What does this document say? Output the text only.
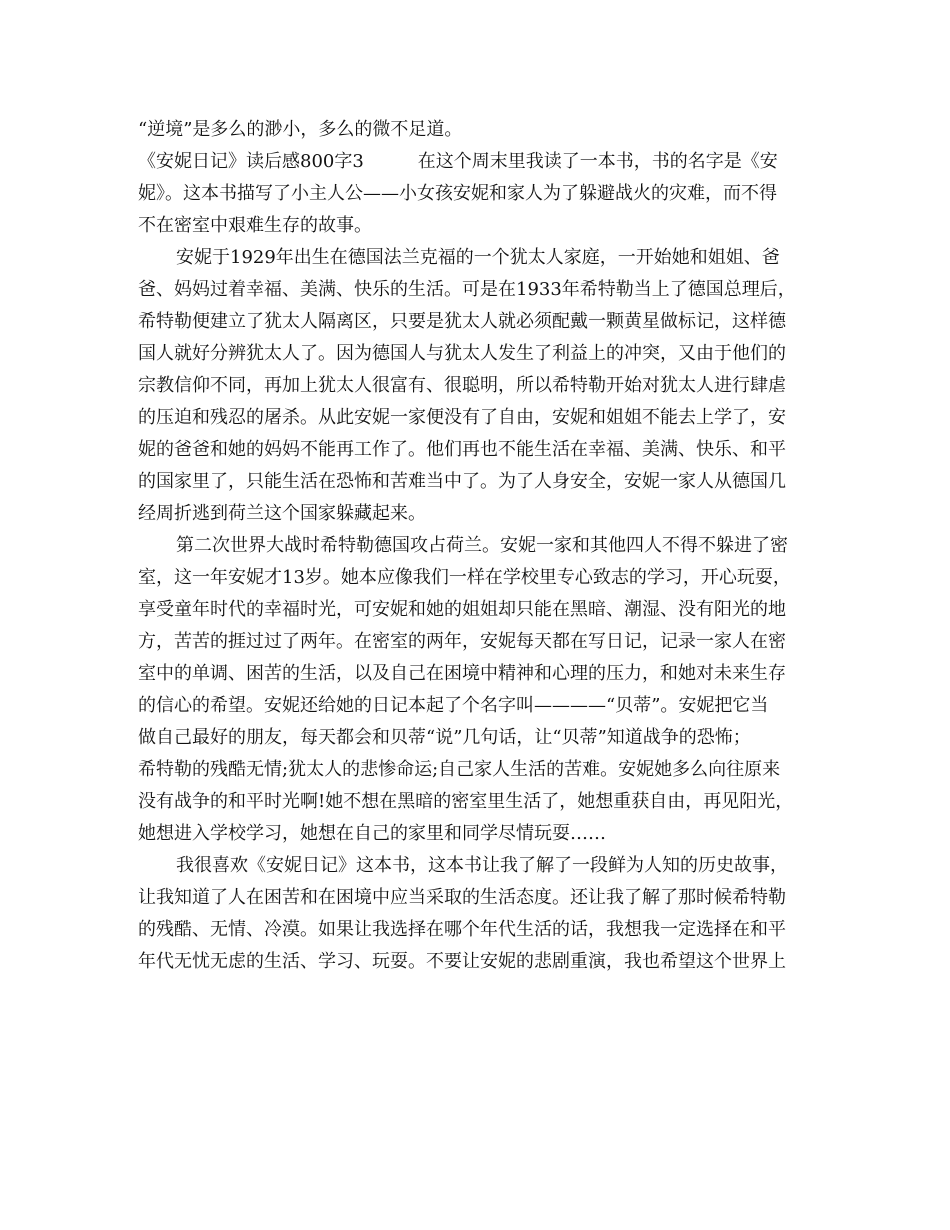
“逆境”是多么的渺小，多么的微不足道。
《安妮日记》读后感800字3　　　在这个周末里我读了一本书，书的名字是《安
妮》。这本书描写了小主人公——小女孩安妮和家人为了躲避战火的灾难，而不得
不在密室中艰难生存的故事。
安妮于1929年出生在德国法兰克福的一个犹太人家庭，一开始她和姐姐、爸
爸、妈妈过着幸福、美满、快乐的生活。可是在1933年希特勒当上了德国总理后，
希特勒便建立了犹太人隔离区，只要是犹太人就必须配戴一颗黄星做标记，这样德
国人就好分辨犹太人了。因为德国人与犹太人发生了利益上的冲突，又由于他们的
宗教信仰不同，再加上犹太人很富有、很聪明，所以希特勒开始对犹太人进行肆虐
的压迫和残忍的屠杀。从此安妮一家便没有了自由，安妮和姐姐不能去上学了，安
妮的爸爸和她的妈妈不能再工作了。他们再也不能生活在幸福、美满、快乐、和平
的国家里了，只能生活在恐怖和苦难当中了。为了人身安全，安妮一家人从德国几
经周折逃到荷兰这个国家躲藏起来。
第二次世界大战时希特勒德国攻占荷兰。安妮一家和其他四人不得不躲进了密
室，这一年安妮才13岁。她本应像我们一样在学校里专心致志的学习，开心玩耍，
享受童年时代的幸福时光，可安妮和她的姐姐却只能在黑暗、潮湿、没有阳光的地
方，苦苦的捱过过了两年。在密室的两年，安妮每天都在写日记，记录一家人在密
室中的单调、困苦的生活，以及自己在困境中精神和心理的压力，和她对未来生存
的信心的希望。安妮还给她的日记本起了个名字叫————“贝蒂”。安妮把它当
做自己最好的朋友，每天都会和贝蒂“说”几句话，让“贝蒂”知道战争的恐怖；
希特勒的残酷无情;犹太人的悲惨命运;自己家人生活的苦难。安妮她多么向往原来
没有战争的和平时光啊!她不想在黑暗的密室里生活了，她想重获自由，再见阳光，
她想进入学校学习，她想在自己的家里和同学尽情玩耍……
我很喜欢《安妮日记》这本书，这本书让我了解了一段鲜为人知的历史故事，
让我知道了人在困苦和在困境中应当采取的生活态度。还让我了解了那时候希特勒
的残酷、无情、冷漠。如果让我选择在哪个年代生活的话，我想我一定选择在和平
年代无忧无虑的生活、学习、玩耍。不要让安妮的悲剧重演，我也希望这个世界上
